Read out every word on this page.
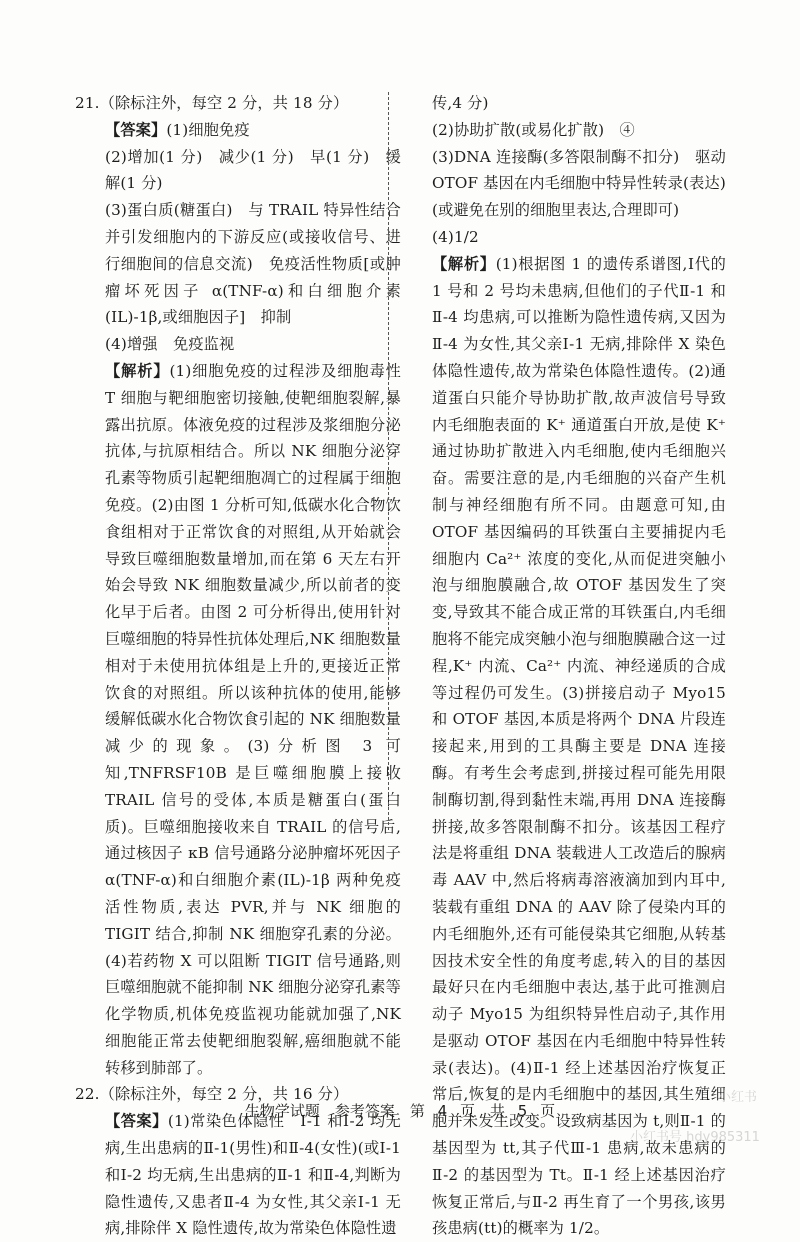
21.（除标注外，每空 2 分，共 18 分）

【答案】(1)细胞免疫

(2)增加(1 分)　减少(1 分)　早(1 分)　缓解(1 分)

(3)蛋白质(糖蛋白)　与 TRAIL 特异性结合并引发细胞内的下游反应(或接收信号、进行细胞间的信息交流)　免疫活性物质[或肿瘤坏死因子 α(TNF-α)和白细胞介素(IL)-1β,或细胞因子]　抑制

(4)增强　免疫监视

【解析】(1)细胞免疫的过程涉及细胞毒性 T 细胞与靶细胞密切接触,使靶细胞裂解,暴露出抗原。体液免疫的过程涉及浆细胞分泌抗体,与抗原相结合。所以 NK 细胞分泌穿孔素等物质引起靶细胞凋亡的过程属于细胞免疫。(2)由图 1 分析可知,低碳水化合物饮食组相对于正常饮食的对照组,从开始就会导致巨噬细胞数量增加,而在第 6 天左右开始会导致 NK 细胞数量减少,所以前者的变化早于后者。由图 2 可分析得出,使用针对巨噬细胞的特异性抗体处理后,NK 细胞数量相对于未使用抗体组是上升的,更接近正常饮食的对照组。所以该种抗体的使用,能够缓解低碳水化合物饮食引起的 NK 细胞数量减少的现象。(3)分析图 3 可知,TNFRSF10B 是巨噬细胞膜上接收 TRAIL 信号的受体,本质是糖蛋白(蛋白质)。巨噬细胞接收来自 TRAIL 的信号后,通过核因子 κB 信号通路分泌肿瘤坏死因子 α(TNF-α)和白细胞介素(IL)-1β 两种免疫活性物质,表达 PVR,并与 NK 细胞的 TIGIT 结合,抑制 NK 细胞穿孔素的分泌。(4)若药物 X 可以阻断 TIGIT 信号通路,则巨噬细胞就不能抑制 NK 细胞分泌穿孔素等化学物质,机体免疫监视功能就加强了,NK 细胞能正常去使靶细胞裂解,癌细胞就不能转移到肺部了。

22.（除标注外，每空 2 分，共 16 分）

【答案】(1)常染色体隐性　Ⅰ-1 和Ⅰ-2 均无病,生出患病的Ⅱ-1(男性)和Ⅱ-4(女性)(或Ⅰ-1 和Ⅰ-2 均无病,生出患病的Ⅱ-1 和Ⅱ-4,判断为隐性遗传,又患者Ⅱ-4 为女性,其父亲Ⅰ-1 无病,排除伴 X 隐性遗传,故为常染色体隐性遗

传,4 分)

(2)协助扩散(或易化扩散)　④

(3)DNA 连接酶(多答限制酶不扣分)　驱动 OTOF 基因在内毛细胞中特异性转录(表达)(或避免在别的细胞里表达,合理即可)

(4)1/2

【解析】(1)根据图 1 的遗传系谱图,Ⅰ代的 1 号和 2 号均未患病,但他们的子代Ⅱ-1 和Ⅱ-4 均患病,可以推断为隐性遗传病,又因为Ⅱ-4 为女性,其父亲Ⅰ-1 无病,排除伴 X 染色体隐性遗传,故为常染色体隐性遗传。(2)通道蛋白只能介导协助扩散,故声波信号导致内毛细胞表面的 K⁺ 通道蛋白开放,是使 K⁺ 通过协助扩散进入内毛细胞,使内毛细胞兴奋。需要注意的是,内毛细胞的兴奋产生机制与神经细胞有所不同。由题意可知,由 OTOF 基因编码的耳铁蛋白主要捕捉内毛细胞内 Ca²⁺ 浓度的变化,从而促进突触小泡与细胞膜融合,故 OTOF 基因发生了突变,导致其不能合成正常的耳铁蛋白,内毛细胞将不能完成突触小泡与细胞膜融合这一过程,K⁺ 内流、Ca²⁺ 内流、神经递质的合成等过程仍可发生。(3)拼接启动子 Myo15 和 OTOF 基因,本质是将两个 DNA 片段连接起来,用到的工具酶主要是 DNA 连接酶。有考生会考虑到,拼接过程可能先用限制酶切割,得到黏性末端,再用 DNA 连接酶拼接,故多答限制酶不扣分。该基因工程疗法是将重组 DNA 装载进人工改造后的腺病毒 AAV 中,然后将病毒溶液滴加到内耳中,装载有重组 DNA 的 AAV 除了侵染内耳的内毛细胞外,还有可能侵染其它细胞,从转基因技术安全性的角度考虑,转入的目的基因最好只在内毛细胞中表达,基于此可推测启动子 Myo15 为组织特异性启动子,其作用是驱动 OTOF 基因在内毛细胞中特异性转录(表达)。(4)Ⅱ-1 经上述基因治疗恢复正常后,恢复的是内毛细胞中的基因,其生殖细胞并未发生改变。设致病基因为 t,则Ⅱ-1 的基因型为 tt,其子代Ⅲ-1 患病,故未患病的Ⅱ-2 的基因型为 Tt。Ⅱ-1 经上述基因治疗恢复正常后,与Ⅱ-2 再生育了一个男孩,该男孩患病(tt)的概率为 1/2。

生物学试题　参考答案　第 4 页　共 5 页
小红书
小红书号 hdy985311
